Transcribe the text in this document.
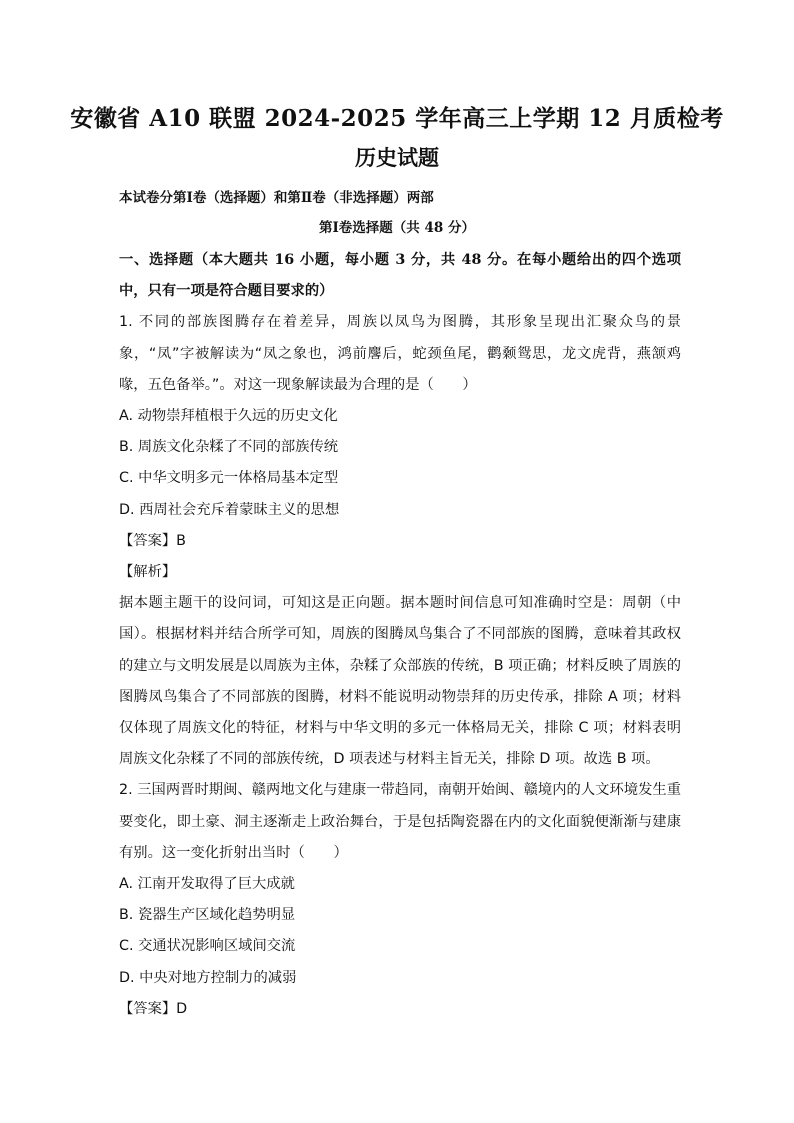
安徽省 A10 联盟 2024-2025 学年高三上学期 12 月质检考
历史试题
本试卷分第Ⅰ卷（选择题）和第Ⅱ卷（非选择题）两部
第Ⅰ卷选择题（共 48 分）

一、选择题（本大题共 16 小题，每小题 3 分，共 48 分。在每小题给出的四个选项中，只有一项是符合题目要求的）

1. 不同的部族图腾存在着差异，周族以凤鸟为图腾，其形象呈现出汇聚众鸟的景象，“凤”字被解读为“凤之象也，鸿前麐后，蛇颈鱼尾，鹳颡鸳思，龙文虎背，燕颔鸡喙，五色备举。”。对这一现象解读最为合理的是（　　）

A. 动物崇拜植根于久远的历史文化

B. 周族文化杂糅了不同的部族传统

C. 中华文明多元一体格局基本定型

D. 西周社会充斥着蒙昧主义的思想

【答案】B

【解析】

据本题主题干的设问词，可知这是正向题。据本题时间信息可知准确时空是：周朝（中国）。根据材料并结合所学可知，周族的图腾凤鸟集合了不同部族的图腾，意味着其政权的建立与文明发展是以周族为主体，杂糅了众部族的传统，B 项正确；材料反映了周族的图腾凤鸟集合了不同部族的图腾，材料不能说明动物崇拜的历史传承，排除 A 项；材料仅体现了周族文化的特征，材料与中华文明的多元一体格局无关，排除 C 项；材料表明周族文化杂糅了不同的部族传统，D 项表述与材料主旨无关，排除 D 项。故选 B 项。

2. 三国两晋时期闽、赣两地文化与建康一带趋同，南朝开始闽、赣境内的人文环境发生重要变化，即土豪、洞主逐渐走上政治舞台，于是包括陶瓷器在内的文化面貌便渐渐与建康有别。这一变化折射出当时（　　）

A. 江南开发取得了巨大成就

B. 瓷器生产区域化趋势明显

C. 交通状况影响区域间交流

D. 中央对地方控制力的减弱

【答案】D
